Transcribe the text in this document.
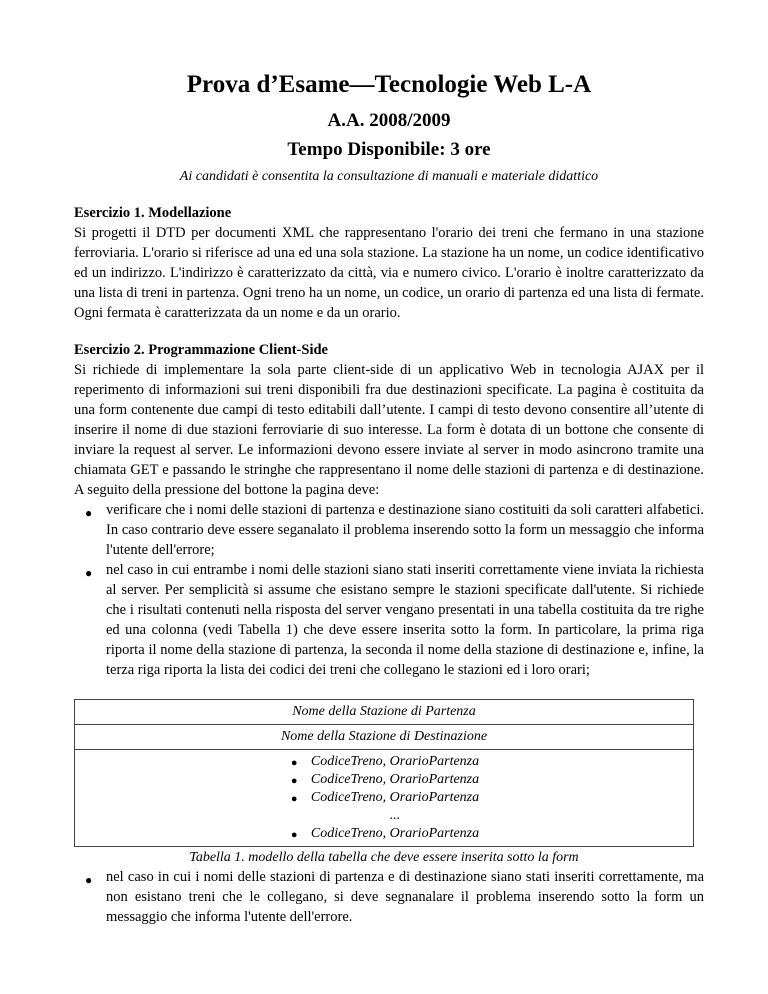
Prova d’Esame—Tecnologie Web L-A
A.A. 2008/2009
Tempo Disponibile: 3 ore
Ai candidati è consentita la consultazione di manuali e materiale didattico
Esercizio 1. Modellazione

Si progetti il DTD per documenti XML che rappresentano l'orario dei treni che fermano in una stazione ferroviaria. L'orario si riferisce ad una ed una sola stazione. La stazione ha un nome, un codice identificativo ed un indirizzo. L'indirizzo è caratterizzato da città, via e numero civico. L'orario è inoltre caratterizzato da una lista di treni in partenza. Ogni treno ha un nome, un codice, un orario di partenza ed una lista di fermate. Ogni fermata è caratterizzata da un nome e da un orario.

Esercizio 2. Programmazione Client-Side

Si richiede di implementare la sola parte client-side di un applicativo Web in tecnologia AJAX per il reperimento di informazioni sui treni disponibili fra due destinazioni specificate. La pagina è costituita da una form contenente due campi di testo editabili dall’utente. I campi di testo devono consentire all’utente di inserire il nome di due stazioni ferroviarie di suo interesse. La form è dotata di un bottone che consente di inviare la request al server. Le informazioni devono essere inviate al server in modo asincrono tramite una chiamata GET e passando le stringhe che rappresentano il nome delle stazioni di partenza e di destinazione. A seguito della pressione del bottone la pagina deve:

● verificare che i nomi delle stazioni di partenza e destinazione siano costituiti da soli caratteri alfabetici. In caso contrario deve essere seganalato il problema inserendo sotto la form un messaggio che informa l'utente dell'errore;
● nel caso in cui entrambe i nomi delle stazioni siano stati inseriti correttamente viene inviata la richiesta al server. Per semplicità si assume che esistano sempre le stazioni specificate dall'utente. Si richiede che i risultati contenuti nella risposta del server vengano presentati in una tabella costituita da tre righe ed una colonna (vedi Tabella 1) che deve essere inserita sotto la form. In particolare, la prima riga riporta il nome della stazione di partenza, la seconda il nome della stazione di destinazione e, infine, la terza riga riporta la lista dei codici dei treni che collegano le stazioni ed i loro orari;
Nome della Stazione di Partenza
Nome della Stazione di Destinazione

● CodiceTreno, OrarioPartenza
● CodiceTreno, OrarioPartenza
● CodiceTreno, OrarioPartenza
...
● CodiceTreno, OrarioPartenza
Tabella 1. modello della tabella che deve essere inserita sotto la form
● nel caso in cui i nomi delle stazioni di partenza e di destinazione siano stati inseriti correttamente, ma non esistano treni che le collegano, si deve segnanalare il problema inserendo sotto la form un messaggio che informa l'utente dell'errore.
